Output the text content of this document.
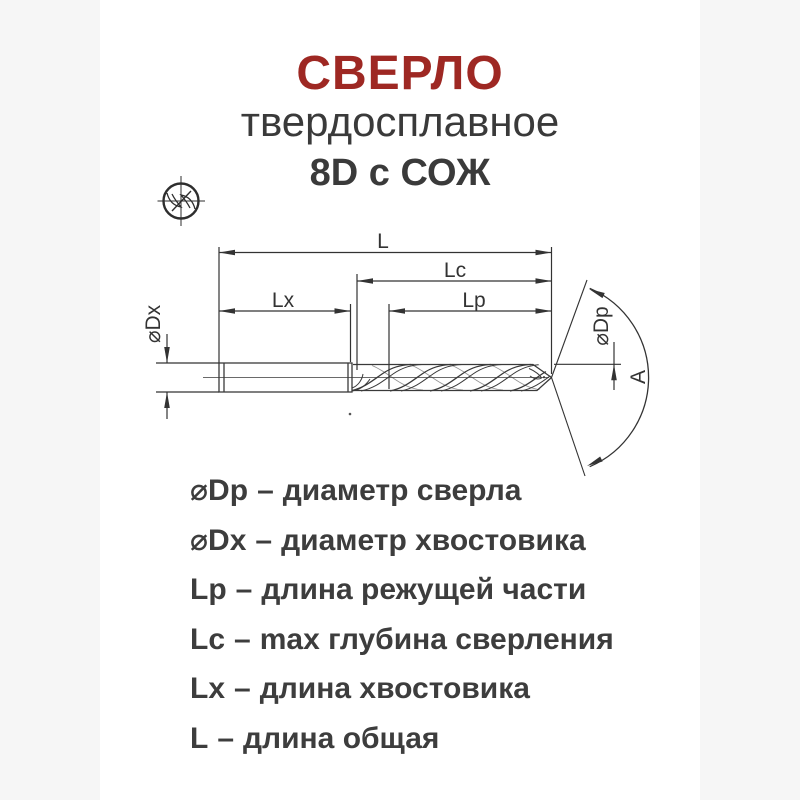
СВЕРЛО
твердосплавное
8D с СОЖ
L
Lc
Lp
Lx
⌀Dx	⌀Dp
A
⌀Dp – диаметр сверла
⌀Dx – диаметр хвостовика
Lp – длина режущей части
Lc – max глубина сверления
Lx – длина хвостовика
L – длина общая
